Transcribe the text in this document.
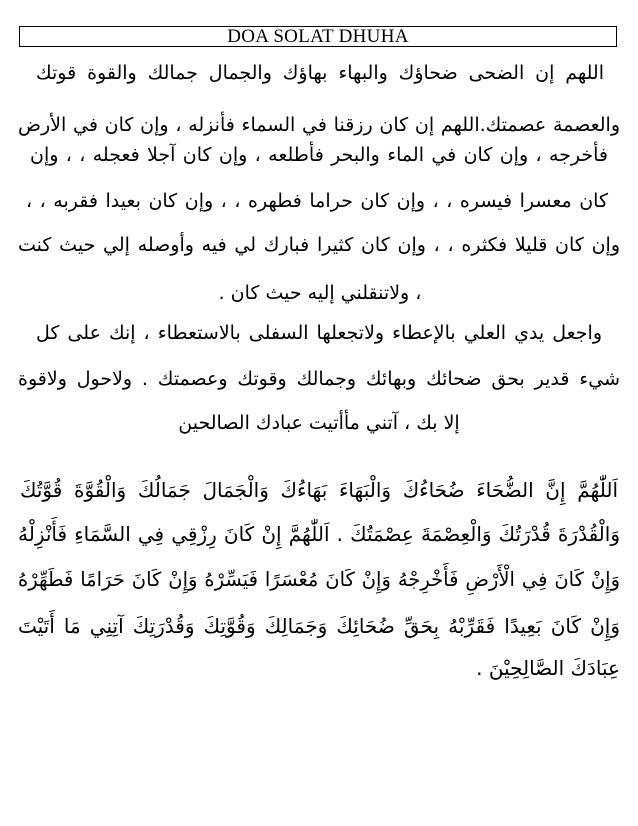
DOA SOLAT DHUHA
اللهم إن الضحى ضحاؤك والبهاء بهاؤك والجمال جمالك والقوة قوتك
والعصمة عصمتك.اللهم إن كان رزقنا في السماء فأنزله ، وإن كان في الأرض
فأخرجه ، وإن كان في الماء والبحر فأطلعه ، وإن كان آجلا فعجله ، ، وإن
كان معسرا فيسره ، ، وإن كان حراما فطهره ، ، وإن كان بعيدا فقربه ، ،
وإن كان قليلا فكثره ، ، وإن كان كثيرا فبارك لي فيه وأوصله إلي حيث كنت
، ولاتنقلني إليه حيث كان .
واجعل يدي العلي بالإعطاء ولاتجعلها السفلى بالاستعطاء ، إنك على كل
شيء قدير بحق ضحائك وبهائك وجمالك وقوتك وعصمتك . ولاحول ولاقوة
إلا بك ، آتني مأأتيت عبادك الصالحين
اَللّٰهُمَّ إِنَّ الضُّحَاءَ ضُحَاءُكَ وَالْبَهَاءَ بَهَاءُكَ وَالْجَمَالَ جَمَالُكَ وَالْقُوَّةَ قُوَّتُكَ
وَالْقُدْرَةَ قُدْرَتُكَ وَالْعِصْمَةَ عِصْمَتُكَ . اَللّٰهُمَّ إِنْ كَانَ رِزْقِي فِي السَّمَاءِ فَأَنْزِلْهُ
وَإِنْ كَانَ فِي الْأَرْضِ فَأَخْرِجْهُ وَإِنْ كَانَ مُعْسَرًا فَيَسِّرْهُ وَإِنْ كَانَ حَرَامًا فَطَهِّرْهُ
وَإِنْ كَانَ بَعِيدًا فَقَرِّبْهُ بِحَقِّ ضُحَائِكَ وَجَمَالِكَ وَقُوَّتِكَ وَقُدْرَتِكَ آتِنِي مَا أَتَيْتَ
عِبَادَكَ الصَّالِحِيْنَ .
